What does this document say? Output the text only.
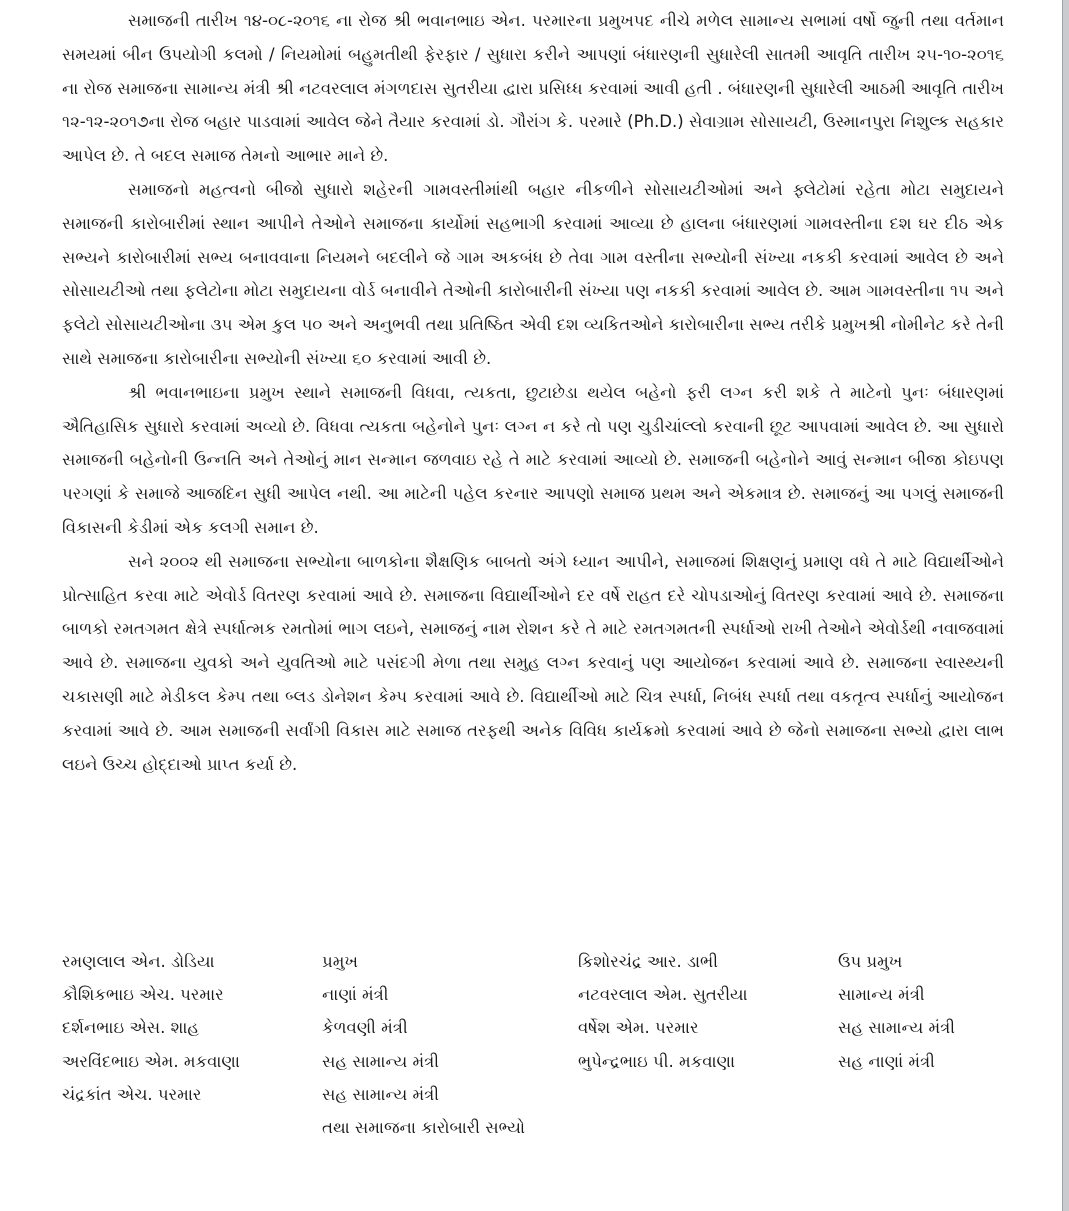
સમાજની તારીખ ૧૪-૦૮-૨૦૧૬ ના રોજ શ્રી ભવાનભાઇ એન. પરમારના પ્રમુખપદ નીચે મળેલ સામાન્ય સભામાં વર્ષો જુની તથા વર્તમાન સમયમાં બીન ઉપયોગી કલમો / નિયમોમાં બહુમતીથી ફેરફાર / સુધારા કરીને આપણાં બંધારણની સુધારેલી સાતમી આવૃતિ તારીખ ૨૫-૧૦-૨૦૧૬ ના રોજ સમાજના સામાન્ય મંત્રી શ્રી નટવરલાલ મંગળદાસ સુતરીયા દ્વારા પ્રસિધ્ધ કરવામાં આવી હતી . બંધારણની સુધારેલી આઠમી આવૃતિ તારીખ ૧૨-૧૨-૨૦૧૭ના રોજ બહાર પાડવામાં આવેલ જેને તૈયાર કરવામાં ડો. ગૌરાંગ કે. પરમારે (Ph.D.) સેવાગ્રામ સોસાયટી, ઉસ્માનપુરા નિશુલ્ક સહકાર આપેલ છે. તે બદલ સમાજ તેમનો આભાર માને છે.

સમાજનો મહત્વનો બીજો સુધારો શહેરની ગામવસ્તીમાંથી બહાર નીકળીને સોસાયટીઓમાં અને ફ્લેટોમાં રહેતા મોટા સમુદાયને સમાજની કારોબારીમાં સ્થાન આપીને તેઓને સમાજના કાર્યોમાં સહભાગી કરવામાં આવ્યા છે હાલના બંધારણમાં ગામવસ્તીના દશ ઘર દીઠ એક સભ્યને કારોબારીમાં સભ્ય બનાવવાના નિયમને બદલીને જે ગામ અકબંધ છે તેવા ગામ વસ્તીના સભ્યોની સંખ્યા નકકી કરવામાં આવેલ છે અને સોસાયટીઓ તથા ફલેટોના મોટા સમુદાયના વોર્ડ બનાવીને તેઓની કારોબારીની સંખ્યા પણ નકકી કરવામાં આવેલ છે. આમ ગામવસ્તીના ૧૫ અને ફલેટો સોસાયટીઓના ૩૫ એમ કુલ ૫૦ અને અનુભવી તથા પ્રતિષ્ઠિત એવી દશ વ્યકિતઓને કારોબારીના સભ્ય તરીકે પ્રમુખશ્રી નોમીનેટ કરે તેની સાથે સમાજના કારોબારીના સભ્યોની સંખ્યા ૬૦ કરવામાં આવી છે.

શ્રી ભવાનભાઇના પ્રમુખ સ્થાને સમાજની વિધવા, ત્યકતા, છુટાછેડા થયેલ બહેનો ફરી લગ્ન કરી શકે તે માટેનો પુનઃ બંધારણમાં ઐતિહાસિક સુધારો કરવામાં અવ્યો છે. વિધવા ત્યકતા બહેનોને પુનઃ લગ્ન ન કરે તો પણ ચુડીચાંલ્લો કરવાની છૂટ આપવામાં આવેલ છે. આ સુધારો સમાજની બહેનોની ઉન્નતિ અને તેઓનું માન સન્માન જળવાઇ રહે તે માટે કરવામાં આવ્યો છે. સમાજની બહેનોને આવું સન્માન બીજા કોઇપણ પરગણાં કે સમાજે આજદિન સુધી આપેલ નથી. આ માટેની પહેલ કરનાર આપણો સમાજ પ્રથમ અને એકમાત્ર છે. સમાજનું આ પગલું સમાજની વિકાસની કેડીમાં એક કલગી સમાન છે.

સને ૨૦૦૨ થી સમાજના સભ્યોના બાળકોના શૈક્ષણિક બાબતો અંગે ધ્યાન આપીને, સમાજમાં શિક્ષણનું પ્રમાણ વધે તે માટે વિદ્યાર્થીઓને પ્રોત્સાહિત કરવા માટે એવોર્ડ વિતરણ કરવામાં આવે છે. સમાજના વિદ્યાર્થીઓને દર વર્ષે રાહત દરે ચોપડાઓનું વિતરણ કરવામાં આવે છે. સમાજના બાળકો રમતગમત ક્ષેત્રે સ્પર્ધાત્મક રમતોમાં ભાગ લઇને, સમાજનું નામ રોશન કરે તે માટે રમતગમતની સ્પર્ધાઓ રાખી તેઓને એવોર્ડથી નવાજવામાં આવે છે. સમાજના યુવકો અને યુવતિઓ માટે પસંદગી મેળા તથા સમુહ લગ્ન કરવાનું પણ આયોજન કરવામાં આવે છે. સમાજના સ્વાસ્થ્યની ચકાસણી માટે મેડીકલ કેમ્પ તથા બ્લડ ડોનેશન કેમ્પ કરવામાં આવે છે. વિદ્યાર્થીઓ માટે ચિત્ર સ્પર્ધા, નિબંધ સ્પર્ધા તથા વકતૃત્વ સ્પર્ધાનું આયોજન કરવામાં આવે છે. આમ સમાજની સર્વાંગી વિકાસ માટે સમાજ તરફથી અનેક વિવિધ કાર્યક્રમો કરવામાં આવે છે જેનો સમાજના સભ્યો દ્વારા લાભ લઇને ઉચ્ચ હોદ્દાઓ પ્રાપ્ત કર્યા છે.

રમણલાલ એન. ડોડિયા	પ્રમુખ	કિશોરચંદ્ર આર. ડાભી	ઉપ પ્રમુખ
કૌશિકભાઇ એચ. પરમાર	નાણાં મંત્રી	નટવરલાલ એમ. સુતરીયા	સામાન્ય મંત્રી
દર્શનભાઇ એસ. શાહ	કેળવણી મંત્રી	વર્ષેશ એમ. પરમાર	સહ સામાન્ય મંત્રી
અરવિંદભાઇ એમ. મકવાણા	સહ સામાન્ય મંત્રી	ભુપેન્દ્રભાઇ પી. મકવાણા	સહ નાણાં મંત્રી
ચંદ્રકાંત એચ. પરમાર	સહ સામાન્ય મંત્રી		
	તથા સમાજના કારોબારી સભ્યો		
